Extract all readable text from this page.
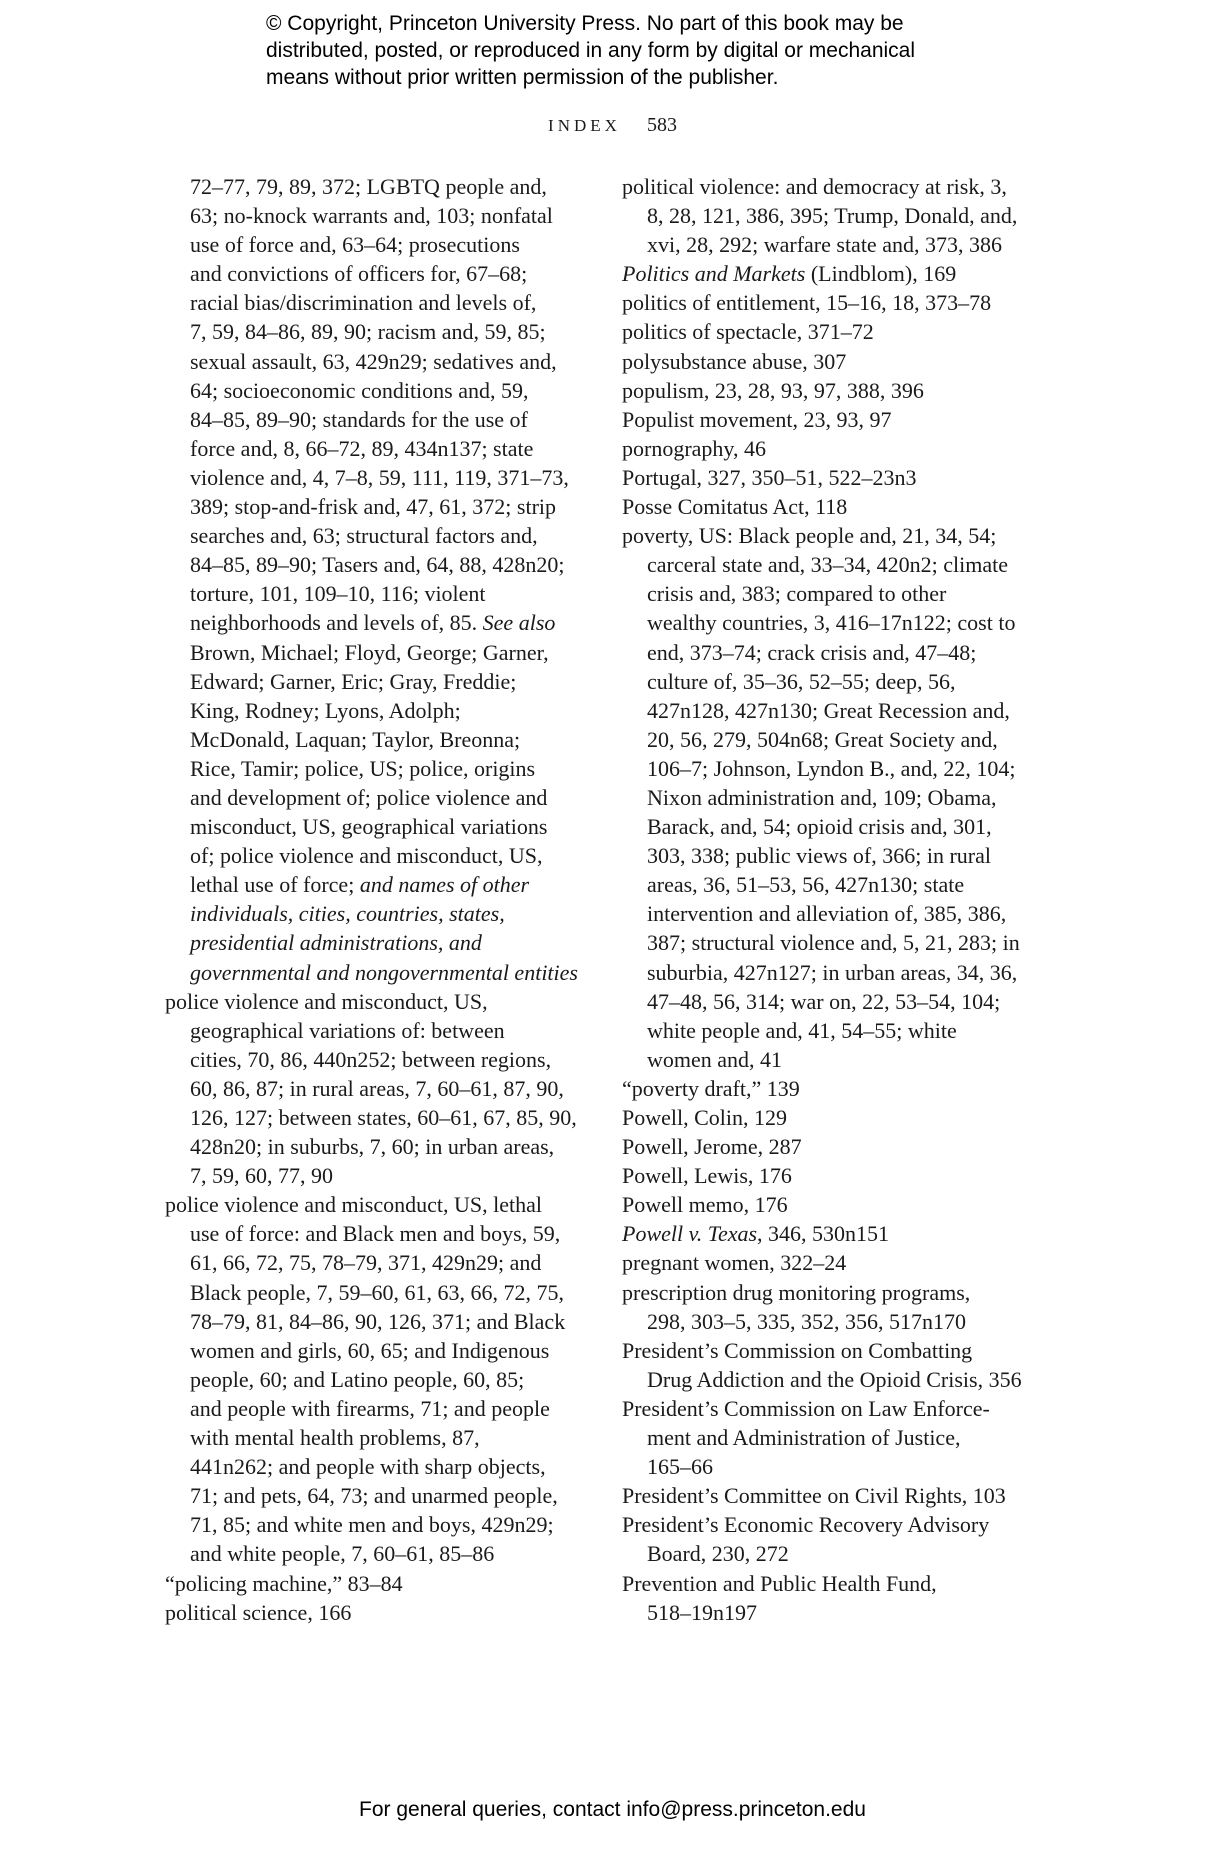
© Copyright, Princeton University Press. No part of this book may be
distributed, posted, or reproduced in any form by digital or mechanical
means without prior written permission of the publisher.
INDEX 583
72–77, 79, 89, 372; LGBTQ people and,
63; no-knock warrants and, 103; nonfatal
use of force and, 63–64; prosecutions
and convictions of officers for, 67–68;
racial bias/discrimination and levels of,
7, 59, 84–86, 89, 90; racism and, 59, 85;
sexual assault, 63, 429n29; sedatives and,
64; socioeconomic conditions and, 59,
84–85, 89–90; standards for the use of
force and, 8, 66–72, 89, 434n137; state
violence and, 4, 7–8, 59, 111, 119, 371–73,
389; stop-and-frisk and, 47, 61, 372; strip
searches and, 63; structural factors and,
84–85, 89–90; Tasers and, 64, 88, 428n20;
torture, 101, 109–10, 116; violent
neighborhoods and levels of, 85. See also
Brown, Michael; Floyd, George; Garner,
Edward; Garner, Eric; Gray, Freddie;
King, Rodney; Lyons, Adolph;
McDonald, Laquan; Taylor, Breonna;
Rice, Tamir; police, US; police, origins
and development of; police violence and
misconduct, US, geographical variations
of; police violence and misconduct, US,
lethal use of force; and names of other
individuals, cities, countries, states,
presidential administrations, and
governmental and nongovernmental entities
police violence and misconduct, US,
geographical variations of: between
cities, 70, 86, 440n252; between regions,
60, 86, 87; in rural areas, 7, 60–61, 87, 90,
126, 127; between states, 60–61, 67, 85, 90,
428n20; in suburbs, 7, 60; in urban areas,
7, 59, 60, 77, 90
police violence and misconduct, US, lethal
use of force: and Black men and boys, 59,
61, 66, 72, 75, 78–79, 371, 429n29; and
Black people, 7, 59–60, 61, 63, 66, 72, 75,
78–79, 81, 84–86, 90, 126, 371; and Black
women and girls, 60, 65; and Indigenous
people, 60; and Latino people, 60, 85;
and people with firearms, 71; and people
with mental health problems, 87,
441n262; and people with sharp objects,
71; and pets, 64, 73; and unarmed people,
71, 85; and white men and boys, 429n29;
and white people, 7, 60–61, 85–86
“policing machine,” 83–84
political science, 166
political violence: and democracy at risk, 3,
8, 28, 121, 386, 395; Trump, Donald, and,
xvi, 28, 292; warfare state and, 373, 386
Politics and Markets (Lindblom), 169
politics of entitlement, 15–16, 18, 373–78
politics of spectacle, 371–72
polysubstance abuse, 307
populism, 23, 28, 93, 97, 388, 396
Populist movement, 23, 93, 97
pornography, 46
Portugal, 327, 350–51, 522–23n3
Posse Comitatus Act, 118
poverty, US: Black people and, 21, 34, 54;
carceral state and, 33–34, 420n2; climate
crisis and, 383; compared to other
wealthy countries, 3, 416–17n122; cost to
end, 373–74; crack crisis and, 47–48;
culture of, 35–36, 52–55; deep, 56,
427n128, 427n130; Great Recession and,
20, 56, 279, 504n68; Great Society and,
106–7; Johnson, Lyndon B., and, 22, 104;
Nixon administration and, 109; Obama,
Barack, and, 54; opioid crisis and, 301,
303, 338; public views of, 366; in rural
areas, 36, 51–53, 56, 427n130; state
intervention and alleviation of, 385, 386,
387; structural violence and, 5, 21, 283; in
suburbia, 427n127; in urban areas, 34, 36,
47–48, 56, 314; war on, 22, 53–54, 104;
white people and, 41, 54–55; white
women and, 41
“poverty draft,” 139
Powell, Colin, 129
Powell, Jerome, 287
Powell, Lewis, 176
Powell memo, 176
Powell v. Texas, 346, 530n151
pregnant women, 322–24
prescription drug monitoring programs,
298, 303–5, 335, 352, 356, 517n170
President’s Commission on Combatting
Drug Addiction and the Opioid Crisis, 356
President’s Commission on Law Enforce-
ment and Administration of Justice,
165–66
President’s Committee on Civil Rights, 103
President’s Economic Recovery Advisory
Board, 230, 272
Prevention and Public Health Fund,
518–19n197
For general queries, contact info@press.princeton.edu
